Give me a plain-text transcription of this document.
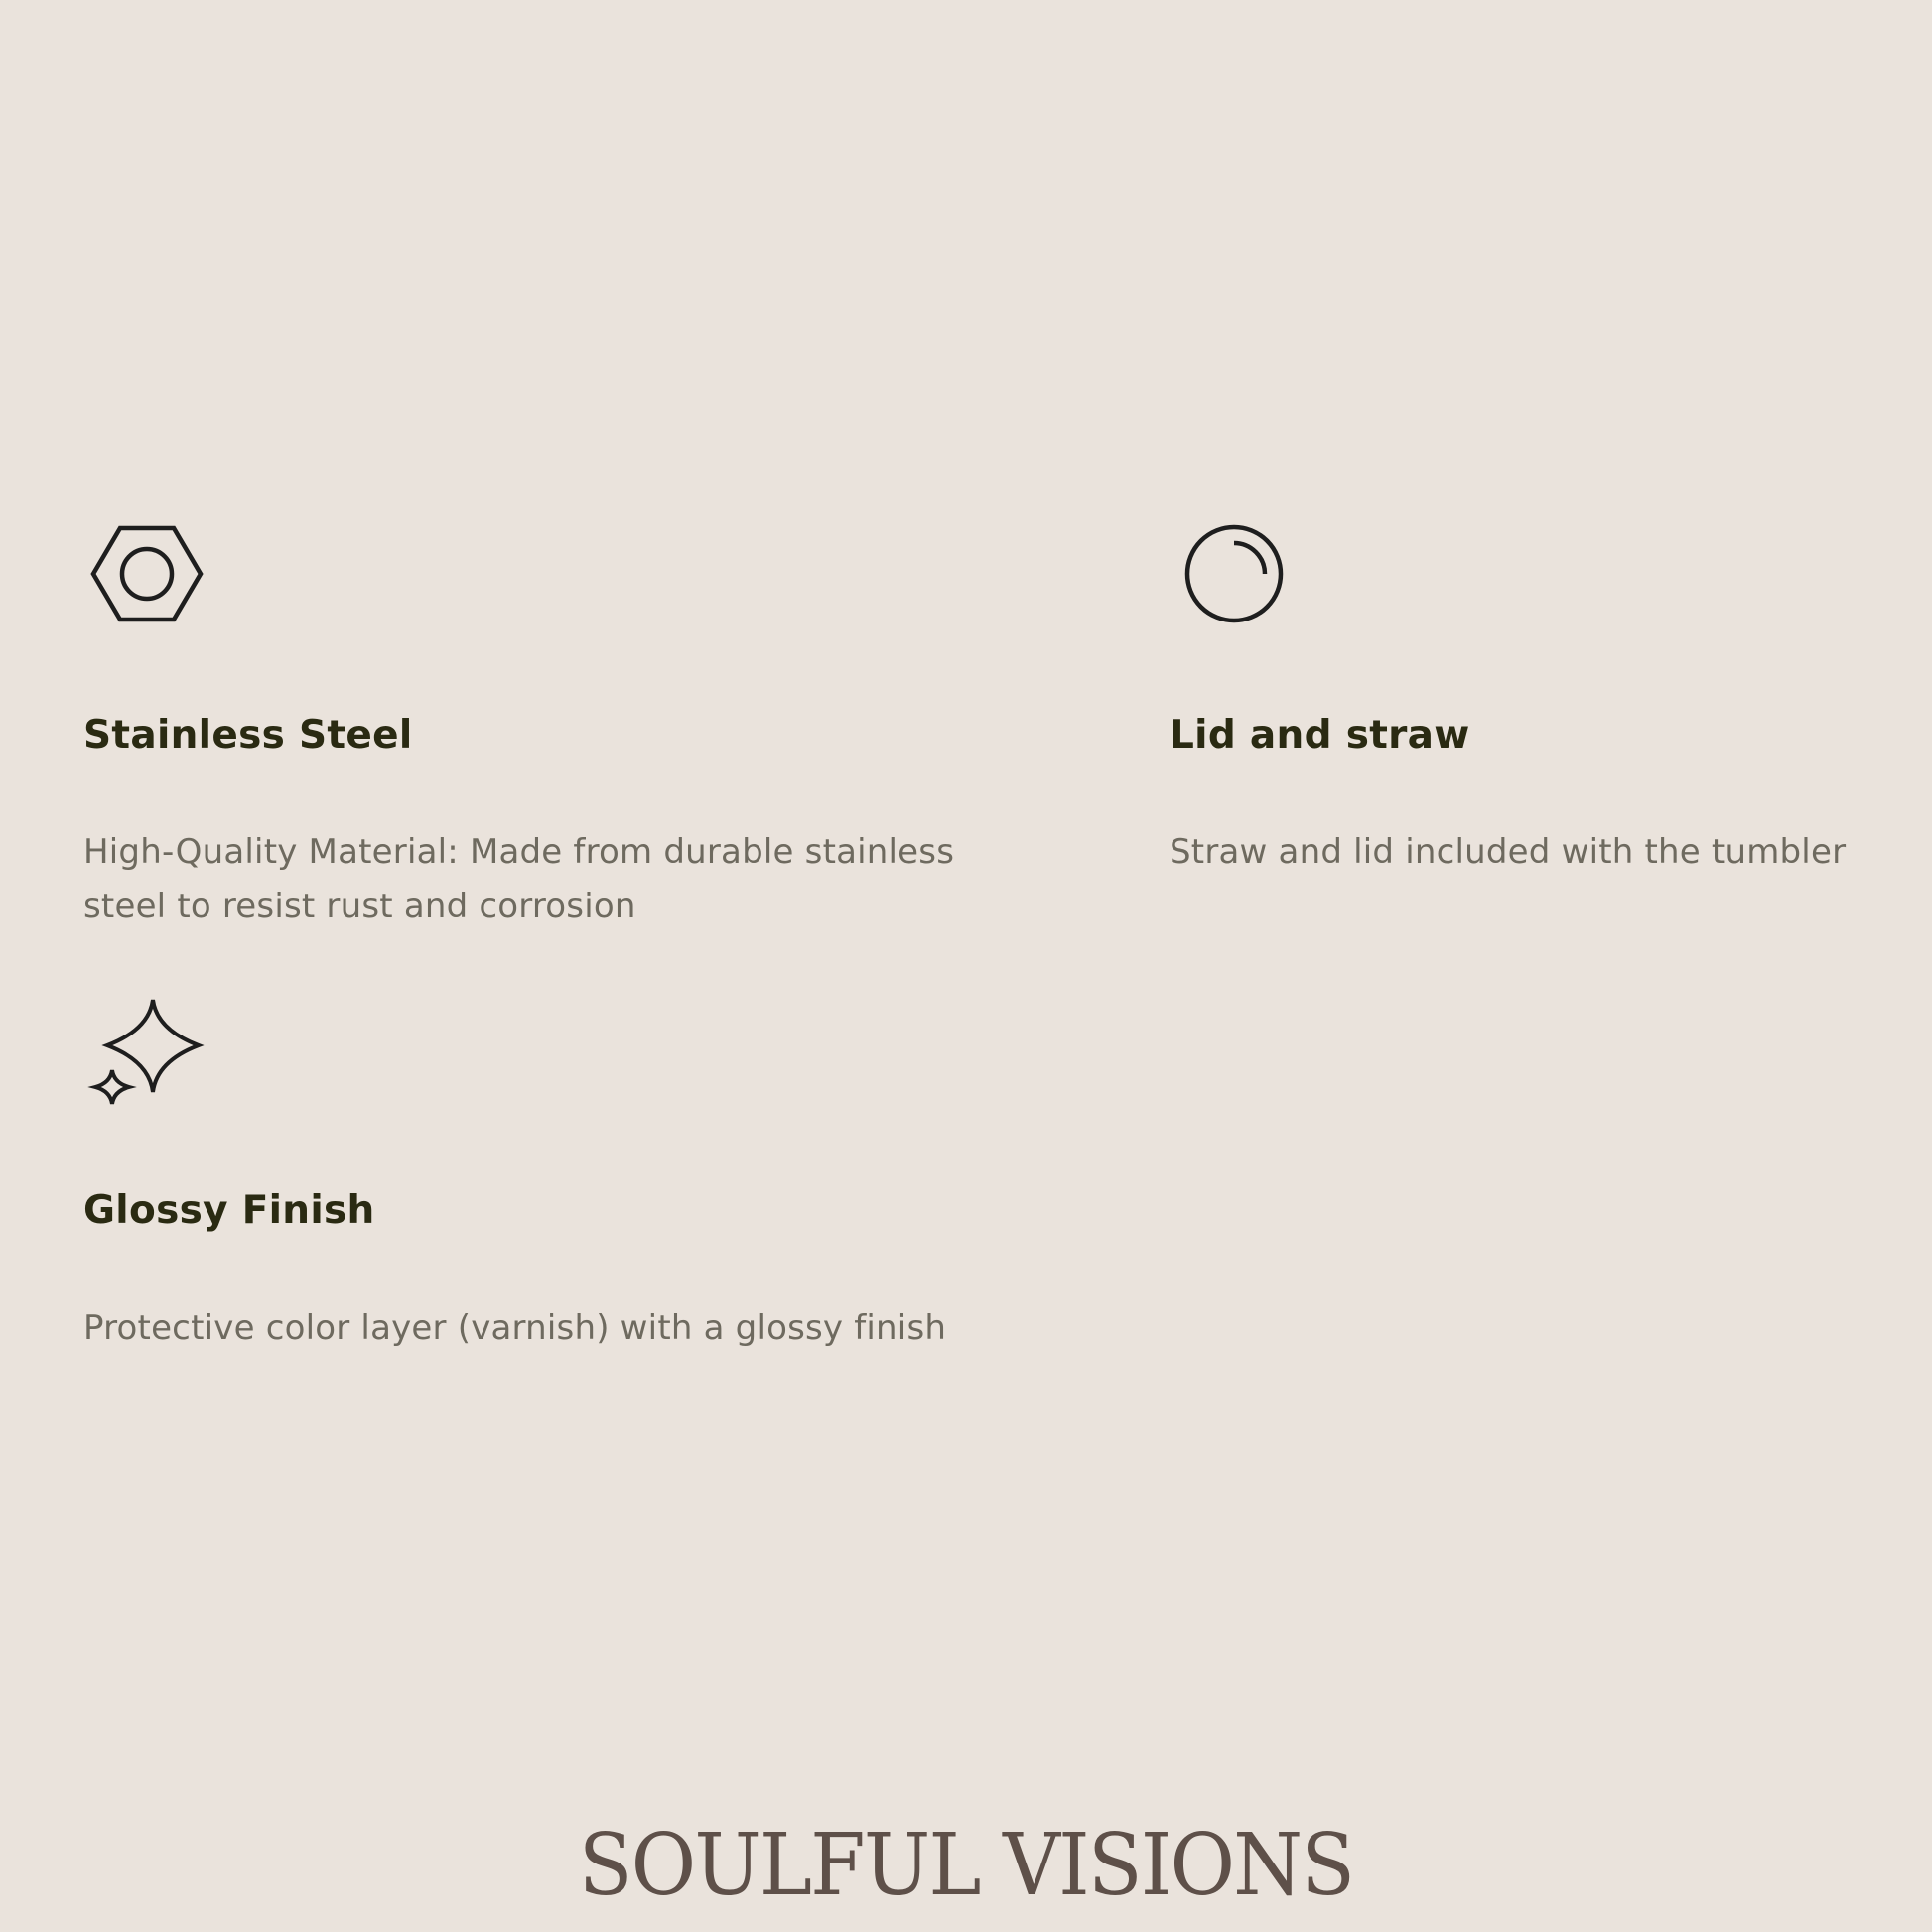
Stainless Steel

High-Quality Material: Made from durable stainless steel to resist rust and corrosion

Lid and straw

Straw and lid included with the tumbler

Glossy Finish

Protective color layer (varnish) with a glossy finish

SOULFUL VISIONS
